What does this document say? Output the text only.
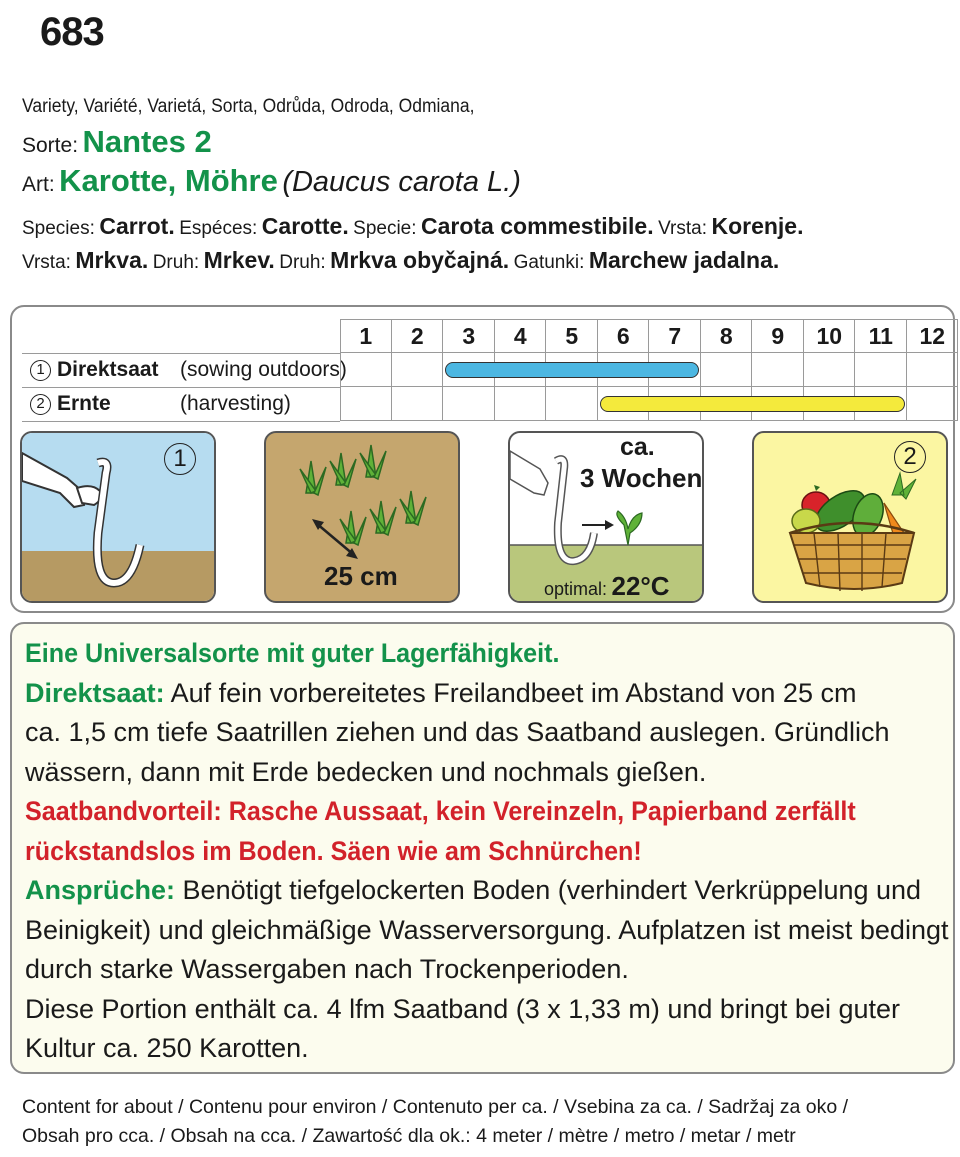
683
Variety, Variété, Varietá, Sorta, Odrůda, Odroda, Odmiana,
Sorte: Nantes 2
Art: Karotte, Möhre (Daucus carota L.)
Species: Carrot. Espéces: Carotte. Specie: Carota commestibile. Vrsta: Korenje.
Vrsta: Mrkva. Druh: Mrkev. Druh: Mrkva obyčajná. Gatunki: Marchew jadalna.
1 Direktsaat (sowing outdoors)
2 Ernte	(harvesting)
1	2	3	4	5	6	7	8	9	10	11	12
1
25 cm
ca.
3 Wochen
optimal: 22°C
2

Eine Universalsorte mit guter Lagerfähigkeit.

Direktsaat: Auf fein vorbereitetes Freilandbeet im Abstand von 25 cm

ca. 1,5 cm tiefe Saatrillen ziehen und das Saatband auslegen. Gründlich

wässern, dann mit Erde bedecken und nochmals gießen.

Saatbandvorteil: Rasche Aussaat, kein Vereinzeln, Papierband zerfällt

rückstandslos im Boden. Säen wie am Schnürchen!

Ansprüche: Benötigt tiefgelockerten Boden (verhindert Verkrüppelung und

Beinigkeit) und gleichmäßige Wasserversorgung. Aufplatzen ist meist bedingt

durch starke Wassergaben nach Trockenperioden.

Diese Portion enthält ca. 4 lfm Saatband (3 x 1,33 m) und bringt bei guter

Kultur ca. 250 Karotten.

Content for about / Contenu pour environ / Contenuto per ca. / Vsebina za ca. / Sadržaj za oko /
Obsah pro cca. / Obsah na cca. / Zawartość dla ok.: 4 meter / mètre / metro / metar / metr
